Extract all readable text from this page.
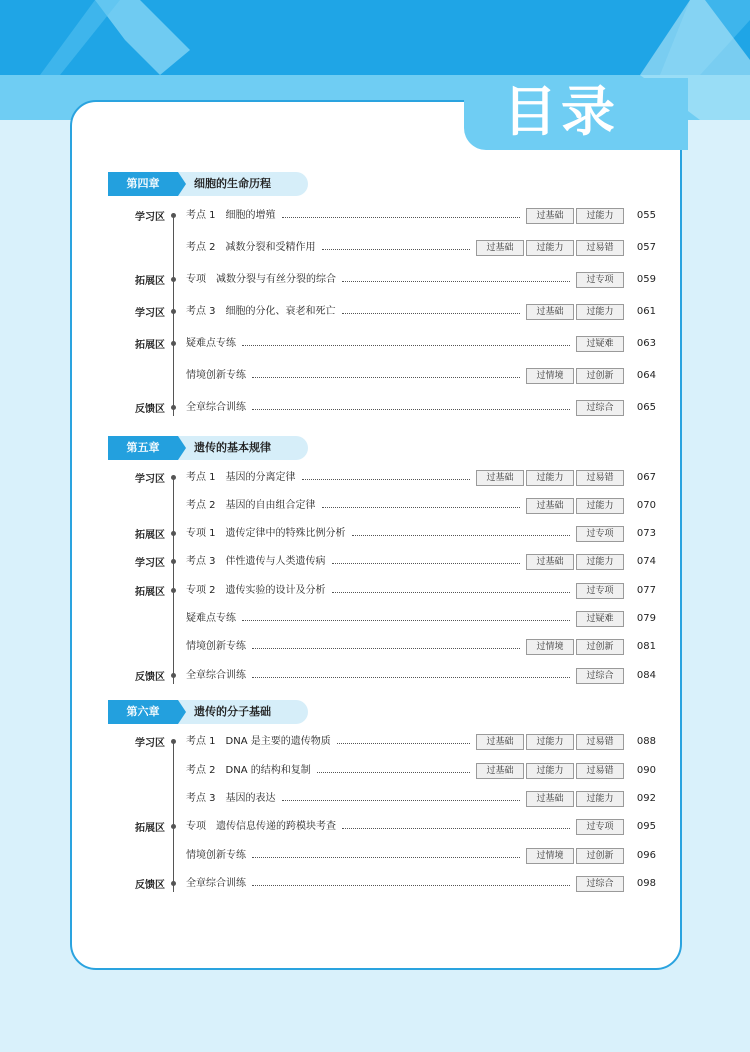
目录
CONTENTS
第四章	细胞的生命历程
学习区 考点 1 细胞的增殖	过基础	过能力	055
考点 2 减数分裂和受精作用	过基础	过能力	过易错	057
拓展区 专项 减数分裂与有丝分裂的综合	过专项	059
学习区 考点 3 细胞的分化、衰老和死亡	过基础	过能力	061
拓展区 疑难点专练	过疑难	063
情境创新专练	过情境	过创新	064
反馈区 全章综合训练	过综合	065
第五章	遗传的基本规律
学习区 考点 1 基因的分离定律	过基础	过能力	过易错	067
考点 2 基因的自由组合定律	过基础	过能力	070
拓展区 专项 1 遗传定律中的特殊比例分析	过专项	073
学习区 考点 3 伴性遗传与人类遗传病	过基础	过能力	074
拓展区 专项 2 遗传实验的设计及分析	过专项	077
疑难点专练	过疑难	079
情境创新专练	过情境	过创新	081
反馈区 全章综合训练	过综合	084
第六章	遗传的分子基础
学习区 考点 1 DNA 是主要的遗传物质	过基础	过能力	过易错	088
考点 2 DNA 的结构和复制	过基础	过能力	过易错	090
考点 3 基因的表达	过基础	过能力	092
拓展区 专项 遗传信息传递的跨模块考查	过专项	095
情境创新专练	过情境	过创新	096
反馈区 全章综合训练	过综合	098
